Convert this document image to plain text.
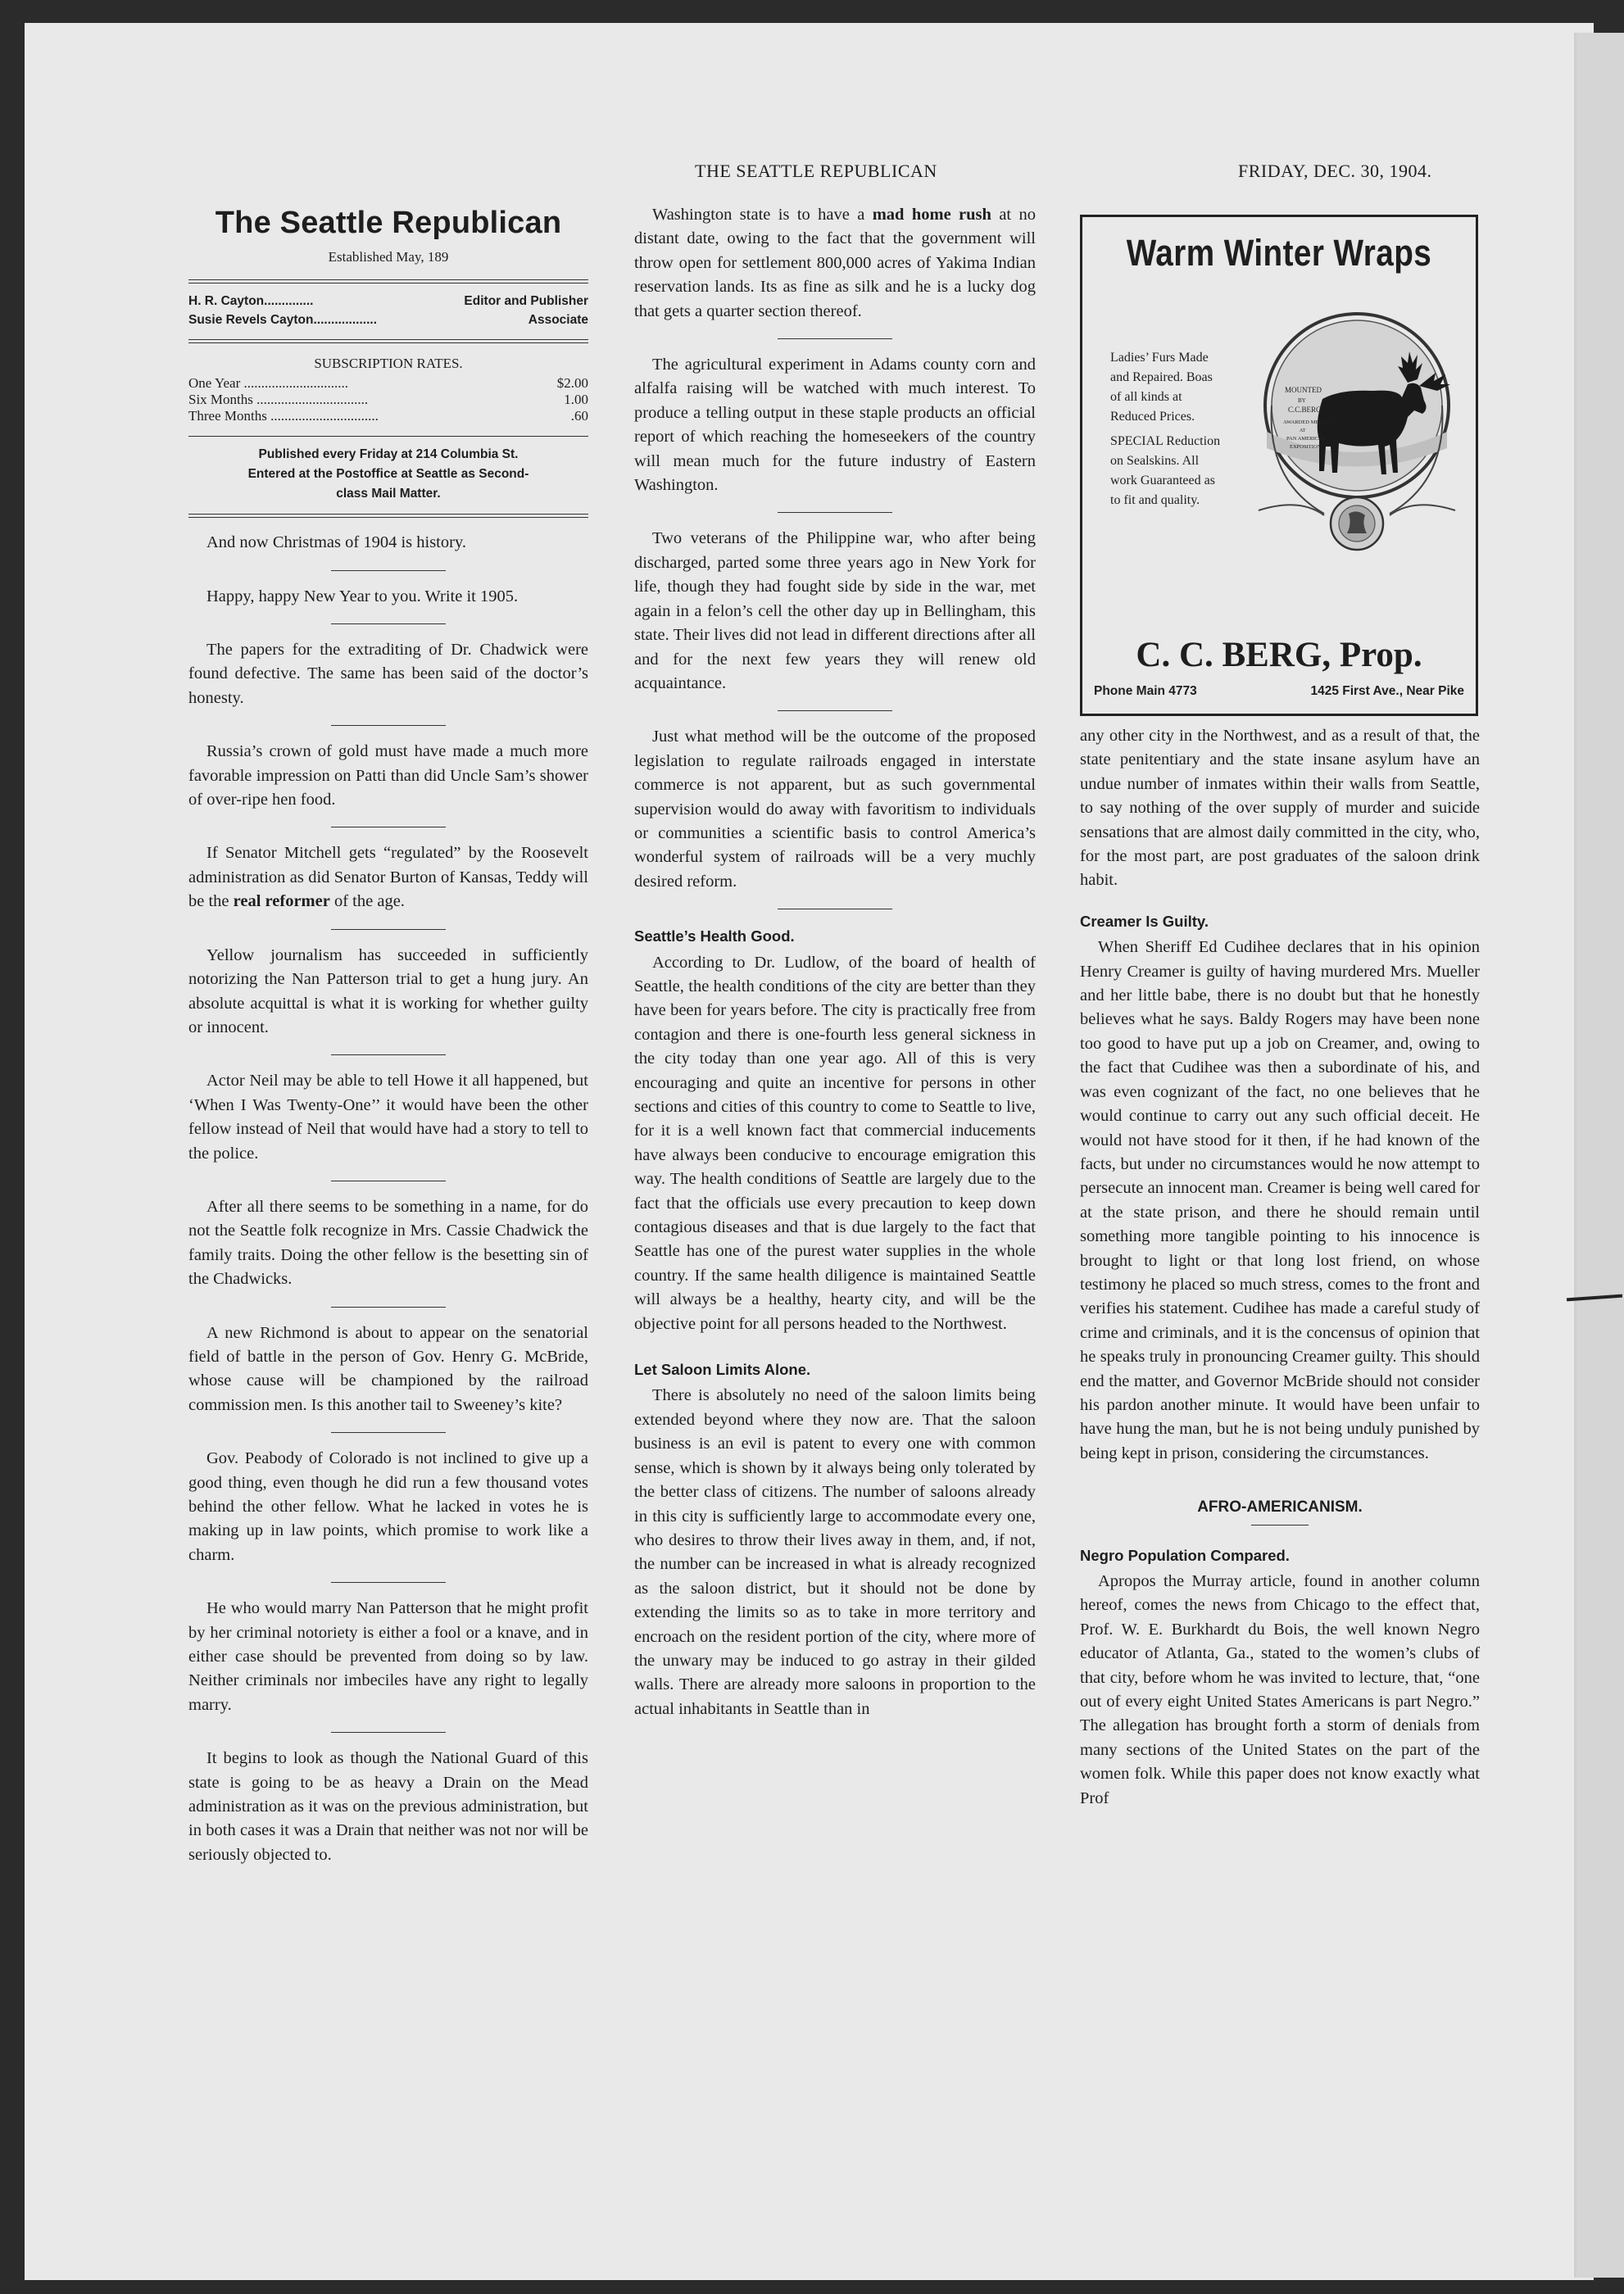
THE SEATTLE REPUBLICAN	FRIDAY, DEC. 30, 1904.
The Seattle Republican
Established May, 189
H. R. Cayton..............	Editor and Publisher
Susie Revels Cayton..................	Associate
SUBSCRIPTION RATES.
One Year ..............................	$2.00
Six Months ................................	1.00
Three Months ...............................	.60
Published every Friday at 214 Columbia St.
Entered at the Postoffice at Seattle as Second-
class Mail Matter.

And now Christmas of 1904 is history.

Happy, happy New Year to you. Write it 1905.

The papers for the extraditing of Dr. Chadwick were found defective. The same has been said of the doctor’s honesty.

Russia’s crown of gold must have made a much more favorable impression on Patti than did Uncle Sam’s shower of over-ripe hen food.

If Senator Mitchell gets “regulated” by the Roosevelt administration as did Senator Burton of Kansas, Teddy will be the real reformer of the age.

Yellow journalism has succeeded in sufficiently notorizing the Nan Patterson trial to get a hung jury. An absolute acquittal is what it is working for whether guilty or innocent.

Actor Neil may be able to tell Howe it all happened, but ‘When I Was Twenty-One’’ it would have been the other fellow instead of Neil that would have had a story to tell to the police.

After all there seems to be something in a name, for do not the Seattle folk recognize in Mrs. Cassie Chadwick the family traits. Doing the other fellow is the besetting sin of the Chadwicks.

A new Richmond is about to appear on the senatorial field of battle in the person of Gov. Henry G. McBride, whose cause will be championed by the railroad commission men. Is this another tail to Sweeney’s kite?

Gov. Peabody of Colorado is not inclined to give up a good thing, even though he did run a few thousand votes behind the other fellow. What he lacked in votes he is making up in law points, which promise to work like a charm.

He who would marry Nan Patterson that he might profit by her criminal notoriety is either a fool or a knave, and in either case should be prevented from doing so by law. Neither criminals nor imbeciles have any right to legally marry.

It begins to look as though the National Guard of this state is going to be as heavy a Drain on the Mead administration as it was on the previous administration, but in both cases it was a Drain that neither was not nor will be seriously objected to.

Washington state is to have a mad home rush at no distant date, owing to the fact that the government will throw open for settlement 800,000 acres of Yakima Indian reservation lands. Its as fine as silk and he is a lucky dog that gets a quarter section thereof.

The agricultural experiment in Adams county corn and alfalfa raising will be watched with much interest. To produce a telling output in these staple products an official report of which reaching the homeseekers of the country will mean much for the future industry of Eastern Washington.

Two veterans of the Philippine war, who after being discharged, parted some three years ago in New York for life, though they had fought side by side in the war, met again in a felon’s cell the other day up in Bellingham, this state. Their lives did not lead in different directions after all and for the next few years they will renew old acquaintance.

Just what method will be the outcome of the proposed legislation to regulate railroads engaged in interstate commerce is not apparent, but as such governmental supervision would do away with favoritism to individuals or communities a scientific basis to control America’s wonderful system of railroads will be a very muchly desired reform.

Seattle’s Health Good.

According to Dr. Ludlow, of the board of health of Seattle, the health conditions of the city are better than they have been for years before. The city is practically free from contagion and there is one-fourth less general sickness in the city today than one year ago. All of this is very encouraging and quite an incentive for persons in other sections and cities of this country to come to Seattle to live, for it is a well known fact that commercial inducements have always been conducive to encourage emigration this way. The health conditions of Seattle are largely due to the fact that the officials use every precaution to keep down contagious diseases and that is due largely to the fact that Seattle has one of the purest water supplies in the whole country. If the same health diligence is maintained Seattle will always be a healthy, hearty city, and will be the objective point for all persons headed to the Northwest.

Let Saloon Limits Alone.

There is absolutely no need of the saloon limits being extended beyond where they now are. That the saloon business is an evil is patent to every one with common sense, which is shown by it always being only tolerated by the better class of citizens. The number of saloons already in this city is sufficiently large to accommodate every one, who desires to throw their lives away in them, and, if not, the number can be increased in what is already recognized as the saloon district, but it should not be done by extending the limits so as to take in more territory and encroach on the resident portion of the city, where more of the unwary may be induced to go astray in their gilded walls. There are already more saloons in proportion to the actual inhabitants in Seattle than in

Warm Winter Wraps
Ladies’ Furs Made and Repaired. Boas of all kinds at Reduced Prices.
SPECIAL Reduction on Sealskins. All work Guaranteed as to fit and quality.
MOUNTED
BY
C.C.BERG
AWARDED MEDAL
AT
PAN AMERICAN
EXPOSITION
C. C. BERG, Prop.
Phone Main 4773	1425 First Ave., Near Pike

any other city in the Northwest, and as a result of that, the state penitentiary and the state insane asylum have an undue number of inmates within their walls from Seattle, to say nothing of the over supply of murder and suicide sensations that are almost daily committed in the city, who, for the most part, are post graduates of the saloon drink habit.

Creamer Is Guilty.

When Sheriff Ed Cudihee declares that in his opinion Henry Creamer is guilty of having murdered Mrs. Mueller and her little babe, there is no doubt but that he honestly believes what he says. Baldy Rogers may have been none too good to have put up a job on Creamer, and, owing to the fact that Cudihee was then a subordinate of his, and was even cognizant of the fact, no one believes that he would continue to carry out any such official deceit. He would not have stood for it then, if he had known of the facts, but under no circumstances would he now attempt to persecute an innocent man. Creamer is being well cared for at the state prison, and there he should remain until something more tangible pointing to his innocence is brought to light or that long lost friend, on whose testimony he placed so much stress, comes to the front and verifies his statement. Cudihee has made a careful study of crime and criminals, and it is the concensus of opinion that he speaks truly in pronouncing Creamer guilty. This should end the matter, and Governor McBride should not consider his pardon another minute. It would have been unfair to have hung the man, but he is not being unduly punished by being kept in prison, considering the circumstances.

AFRO-AMERICANISM.
Negro Population Compared.

Apropos the Murray article, found in another column hereof, comes the news from Chicago to the effect that, Prof. W. E. Burkhardt du Bois, the well known Negro educator of Atlanta, Ga., stated to the women’s clubs of that city, before whom he was invited to lecture, that, “one out of every eight United States Americans is part Negro.” The allegation has brought forth a storm of denials from many sections of the United States on the part of the women folk. While this paper does not know exactly what Prof
